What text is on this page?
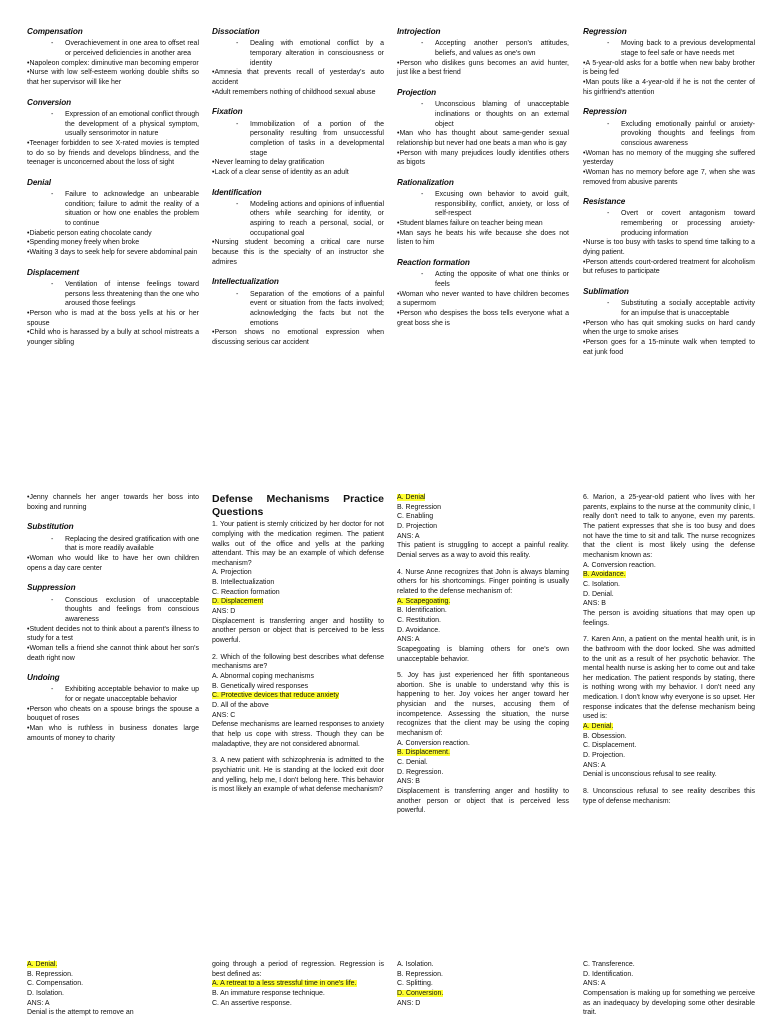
Compensation
-	Overachievement in one area to offset real or perceived deficiencies in another area
• Napoleon complex: diminutive man becoming emperor
• Nurse with low self-esteem working double shifts so that her supervisor will like her
Conversion
-	Expression of an emotional conflict through the development of a physical symptom, usually sensorimotor in nature
• Teenager forbidden to see X-rated movies is tempted to do so by friends and develops blindness, and the teenager is unconcerned about the loss of sight
Denial
-	Failure to acknowledge an unbearable condition; failure to admit the reality of a situation or how one enables the problem to continue
• Diabetic person eating chocolate candy
• Spending money freely when broke
• Waiting 3 days to seek help for severe abdominal pain
Displacement
-	Ventilation of intense feelings toward persons less threatening than the one who aroused those feelings
• Person who is mad at the boss yells at his or her spouse
• Child who is harassed by a bully at school mistreats a younger sibling
Dissociation
-	Dealing with emotional conflict by a temporary alteration in consciousness or identity
• Amnesia that prevents recall of yesterday's auto accident
• Adult remembers nothing of childhood sexual abuse
Fixation
-	Immobilization of a portion of the personality resulting from unsuccessful completion of tasks in a developmental stage
• Never learning to delay gratification
• Lack of a clear sense of identity as an adult
Identification
-	Modeling actions and opinions of influential others while searching for identity, or aspiring to reach a personal, social, or occupational goal
• Nursing student becoming a critical care nurse because this is the specialty of an instructor she admires
Intellectualization
-	Separation of the emotions of a painful event or situation from the facts involved; acknowledging the facts but not the emotions
• Person shows no emotional expression when discussing serious car accident
Introjection
-	Accepting another person's attitudes, beliefs, and values as one's own
• Person who dislikes guns becomes an avid hunter, just like a best friend
Projection
-	Unconscious blaming of unacceptable inclinations or thoughts on an external object
• Man who has thought about same-gender sexual relationship but never had one beats a man who is gay
• Person with many prejudices loudly identifies others as bigots
Rationalization
-	Excusing own behavior to avoid guilt, responsibility, conflict, anxiety, or loss of self-respect
• Student blames failure on teacher being mean
• Man says he beats his wife because she does not listen to him
Reaction formation
-	Acting the opposite of what one thinks or feels
• Woman who never wanted to have children becomes a supermom
• Person who despises the boss tells everyone what a great boss she is
Regression
-	Moving back to a previous developmental stage to feel safe or have needs met
• A 5-year-old asks for a bottle when new baby brother is being fed
• Man pouts like a 4-year-old if he is not the center of his girlfriend's attention
Repression
-	Excluding emotionally painful or anxiety-provoking thoughts and feelings from conscious awareness
• Woman has no memory of the mugging she suffered yesterday
• Woman has no memory before age 7, when she was removed from abusive parents
Resistance
-	Overt or covert antagonism toward remembering or processing anxiety-producing information
• Nurse is too busy with tasks to spend time talking to a dying patient.
• Person attends court-ordered treatment for alcoholism but refuses to participate
Sublimation
-	Substituting a socially acceptable activity for an impulse that is unacceptable
• Person who has quit smoking sucks on hard candy when the urge to smoke arises
• Person goes for a 15-minute walk when tempted to eat junk food
• Jenny channels her anger towards her boss into boxing and running
Substitution
-	Replacing the desired gratification with one that is more readily available
• Woman who would like to have her own children opens a day care center
Suppression
-	Conscious exclusion of unacceptable thoughts and feelings from conscious awareness
• Student decides not to think about a parent's illness to study for a test
• Woman tells a friend she cannot think about her son's death right now
Undoing
-	Exhibiting acceptable behavior to make up for or negate unacceptable behavior
• Person who cheats on a spouse brings the spouse a bouquet of roses
• Man who is ruthless in business donates large amounts of money to charity
Defense Mechanisms Practice Questions
1. Your patient is sternly criticized by her doctor for not complying with the medication regimen. The patient walks out of the office and yells at the parking attendant. This may be an example of which defense mechanism?
A. Projection
B. Intellectualization
C. Reaction formation
D. Displacement
ANS: D
Displacement is transferring anger and hostility to another person or object that is perceived to be less powerful.
2. Which of the following best describes what defense mechanisms are?
A. Abnormal coping mechanisms
B. Genetically wired responses
C. Protective devices that reduce anxiety
D. All of the above
ANS: C
Defense mechanisms are learned responses to anxiety that help us cope with stress. Though they can be maladaptive, they are not considered abnormal.
3. A new patient with schizophrenia is admitted to the psychiatric unit. He is standing at the locked exit door and yelling, help me, I don't belong here. This behavior is most likely an example of what defense mechanism?
A. Denial
B. Regression
C. Enabling
D. Projection
ANS: A
This patient is struggling to accept a painful reality. Denial serves as a way to avoid this reality.
4. Nurse Anne recognizes that John is always blaming others for his shortcomings. Finger pointing is usually related to the defense mechanism of:
A. Scapegoating.
B. Identification.
C. Restitution.
D. Avoidance.
ANS: A
Scapegoating is blaming others for one's own unacceptable behavior.
5. Joy has just experienced her fifth spontaneous abortion. She is unable to understand why this is happening to her. Joy voices her anger toward her physician and the nurses, accusing them of incompetence. Assessing the situation, the nurse recognizes that the client may be using the coping mechanism of:
A. Conversion reaction.
B. Displacement.
C. Denial.
D. Regression.
ANS: B
Displacement is transferring anger and hostility to another person or object that is perceived less powerful.
6. Marion, a 25-year-old patient who lives with her parents, explains to the nurse at the community clinic, I really don't need to talk to anyone, even my parents. The patient expresses that she is too busy and does not have the time to sit and talk. The nurse recognizes that the client is most likely using the defense mechanism known as:
A. Conversion reaction.
B. Avoidance.
C. Isolation.
D. Denial.
ANS: B
The person is avoiding situations that may open up feelings.
7. Karen Ann, a patient on the mental health unit, is in the bathroom with the door locked. She was admitted to the unit as a result of her psychotic behavior. The mental health nurse is asking her to come out and take her medication. The patient responds by stating, there is nothing wrong with my behavior. I don't need any medication. I don't know why everyone is so upset. Her response indicates that the defense mechanism being used is:
A. Denial.
B. Obsession.
C. Displacement.
D. Projection.
ANS: A
Denial is unconscious refusal to see reality.
8. Unconscious refusal to see reality describes this type of defense mechanism:
A. Denial.
B. Repression.
C. Compensation.
D. Isolation.
ANS: A
Denial is the attempt to remove an
going through a period of regression. Regression is best defined as:
A. A retreat to a less stressful time in one's life.
B. An immature response technique.
C. An assertive response.
A. Isolation.
B. Repression.
C. Splitting.
D. Conversion.
ANS: D
C. Transference.
D. Identification.
ANS: A
Compensation is making up for something we perceive as an inadequacy by developing some other desirable trait.
